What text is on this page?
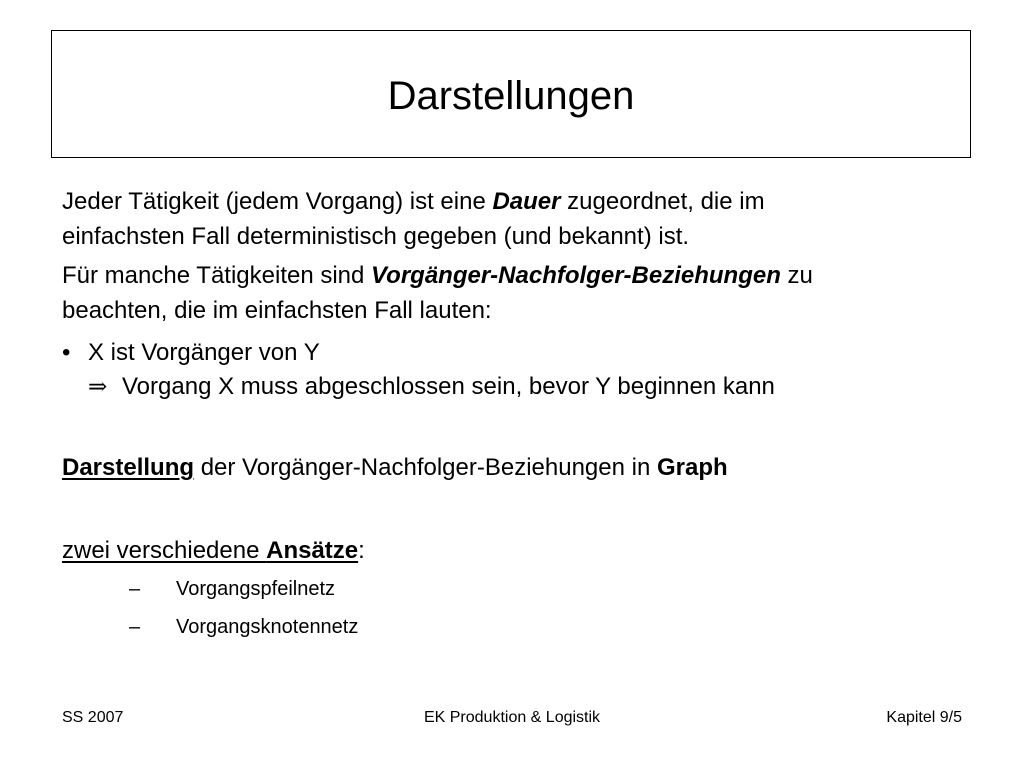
Darstellungen
Jeder Tätigkeit (jedem Vorgang) ist eine Dauer zugeordnet, die im
einfachsten Fall deterministisch gegeben (und bekannt) ist.
Für manche Tätigkeiten sind Vorgänger-Nachfolger-Beziehungen zu
beachten, die im einfachsten Fall lauten:
• X ist Vorgänger von Y
⇒ Vorgang X muss abgeschlossen sein, bevor Y beginnen kann
Darstellung der Vorgänger-Nachfolger-Beziehungen in Graph
zwei verschiedene Ansätze:
– Vorgangspfeilnetz
– Vorgangsknotennetz
SS 2007	EK Produktion & Logistik	Kapitel 9/5
